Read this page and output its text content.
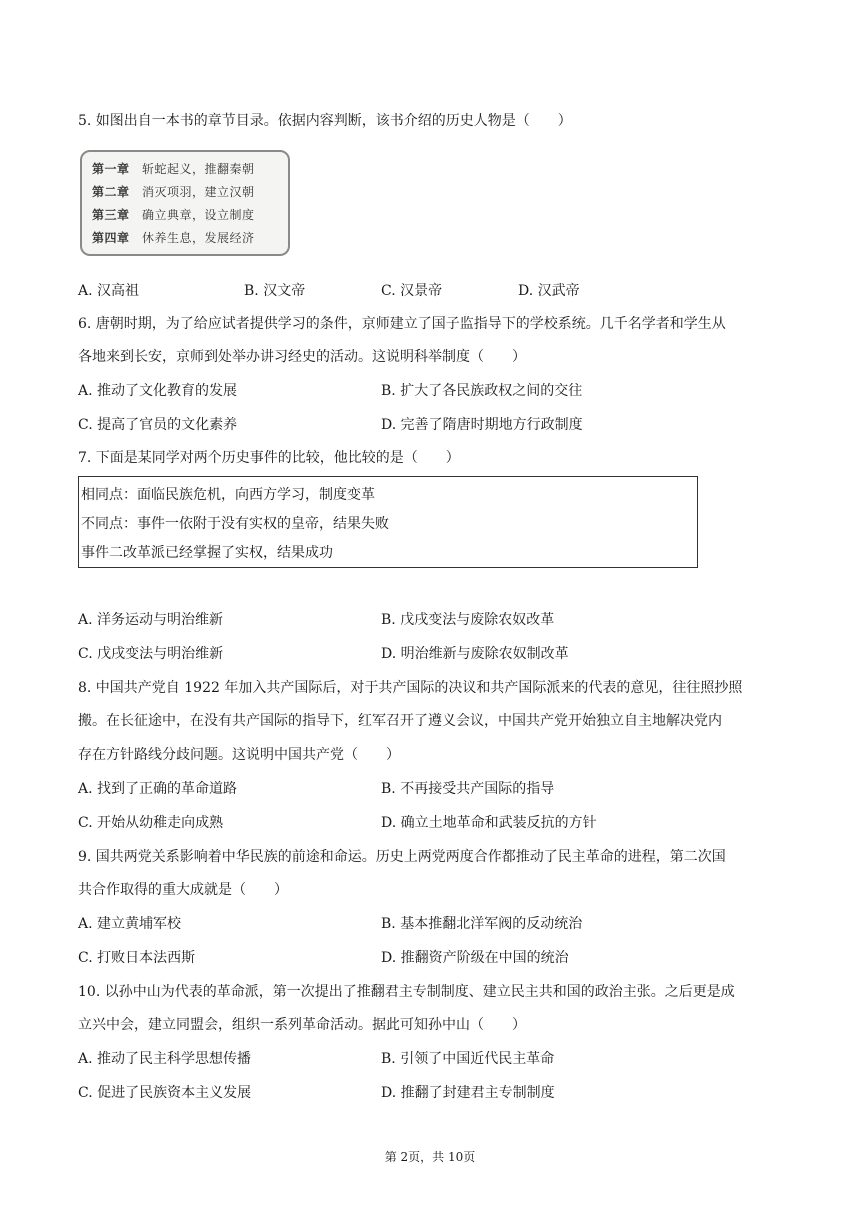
5. 如图出自一本书的章节目录。依据内容判断，该书介绍的历史人物是（　　）
第一章 斩蛇起义，推翻秦朝
第二章 消灭项羽，建立汉朝
第三章 确立典章，设立制度
第四章 休养生息，发展经济
A. 汉高祖	B. 汉文帝	C. 汉景帝	D. 汉武帝
6. 唐朝时期，为了给应试者提供学习的条件，京师建立了国子监指导下的学校系统。几千名学者和学生从
各地来到长安，京师到处举办讲习经史的活动。这说明科举制度（　　）
A. 推动了文化教育的发展	B. 扩大了各民族政权之间的交往
C. 提高了官员的文化素养	D. 完善了隋唐时期地方行政制度
7. 下面是某同学对两个历史事件的比较，他比较的是（　　）
相同点：面临民族危机，向西方学习，制度变革
不同点：事件一依附于没有实权的皇帝，结果失败
事件二改革派已经掌握了实权，结果成功
A. 洋务运动与明治维新	B. 戊戌变法与废除农奴改革
C. 戊戌变法与明治维新	D. 明治维新与废除农奴制改革
8. 中国共产党自 1922 年加入共产国际后，对于共产国际的决议和共产国际派来的代表的意见，往往照抄照
搬。在长征途中，在没有共产国际的指导下，红军召开了遵义会议，中国共产党开始独立自主地解决党内
存在方针路线分歧问题。这说明中国共产党（　　）
A. 找到了正确的革命道路	B. 不再接受共产国际的指导
C. 开始从幼稚走向成熟	D. 确立土地革命和武装反抗的方针
9. 国共两党关系影响着中华民族的前途和命运。历史上两党两度合作都推动了民主革命的进程，第二次国
共合作取得的重大成就是（　　）
A. 建立黄埔军校	B. 基本推翻北洋军阀的反动统治
C. 打败日本法西斯	D. 推翻资产阶级在中国的统治
10. 以孙中山为代表的革命派，第一次提出了推翻君主专制制度、建立民主共和国的政治主张。之后更是成
立兴中会，建立同盟会，组织一系列革命活动。据此可知孙中山（　　）
A. 推动了民主科学思想传播	B. 引领了中国近代民主革命
C. 促进了民族资本主义发展	D. 推翻了封建君主专制制度
第 2页，共 10页
